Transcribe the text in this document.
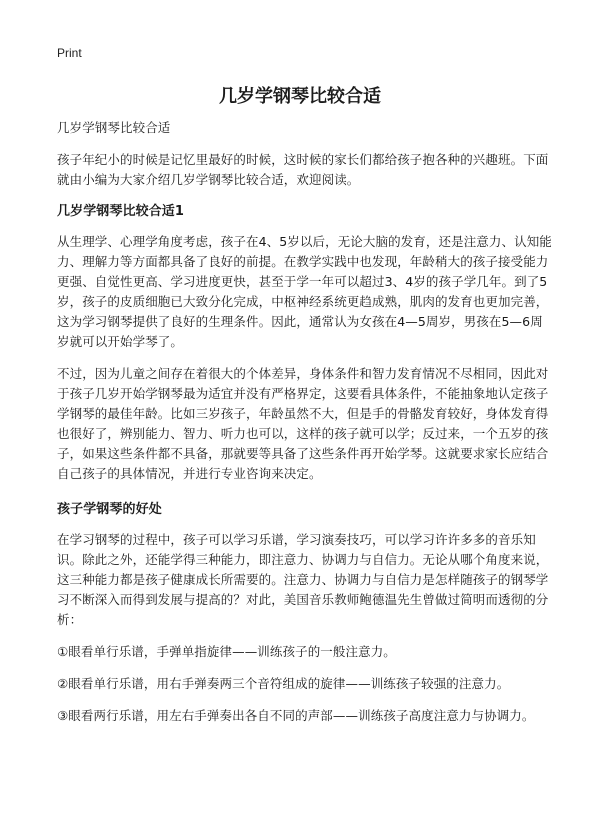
Print
几岁学钢琴比较合适

几岁学钢琴比较合适

孩子年纪小的时候是记忆里最好的时候，这时候的家长们都给孩子抱各种的兴趣班。下面就由小编为大家介绍几岁学钢琴比较合适，欢迎阅读。

几岁学钢琴比较合适1

从生理学、心理学角度考虑，孩子在4、5岁以后，无论大脑的发育，还是注意力、认知能力、理解力等方面都具备了良好的前提。在教学实践中也发现，年龄稍大的孩子接受能力更强、自觉性更高、学习进度更快，甚至于学一年可以超过3、4岁的孩子学几年。到了5岁，孩子的皮质细胞已大致分化完成，中枢神经系统更趋成熟，肌肉的发育也更加完善，这为学习钢琴提供了良好的生理条件。因此，通常认为女孩在4—5周岁，男孩在5—6周岁就可以开始学琴了。

不过，因为儿童之间存在着很大的个体差异，身体条件和智力发育情况不尽相同，因此对于孩子几岁开始学钢琴最为适宜并没有严格界定，这要看具体条件，不能抽象地认定孩子学钢琴的最佳年龄。比如三岁孩子，年龄虽然不大，但是手的骨骼发育较好，身体发育得也很好了，辨别能力、智力、听力也可以，这样的孩子就可以学；反过来，一个五岁的孩子，如果这些条件都不具备，那就要等具备了这些条件再开始学琴。这就要求家长应结合自己孩子的具体情况，并进行专业咨询来决定。

孩子学钢琴的好处

在学习钢琴的过程中，孩子可以学习乐谱，学习演奏技巧，可以学习许许多多的音乐知识。除此之外，还能学得三种能力，即注意力、协调力与自信力。无论从哪个角度来说，这三种能力都是孩子健康成长所需要的。注意力、协调力与自信力是怎样随孩子的钢琴学习不断深入而得到发展与提高的？对此，美国音乐教师鲍德温先生曾做过简明而透彻的分析：

①眼看单行乐谱，手弹单指旋律——训练孩子的一般注意力。

②眼看单行乐谱，用右手弹奏两三个音符组成的旋律——训练孩子较强的注意力。

③眼看两行乐谱，用左右手弹奏出各自不同的声部——训练孩子高度注意力与协调力。
